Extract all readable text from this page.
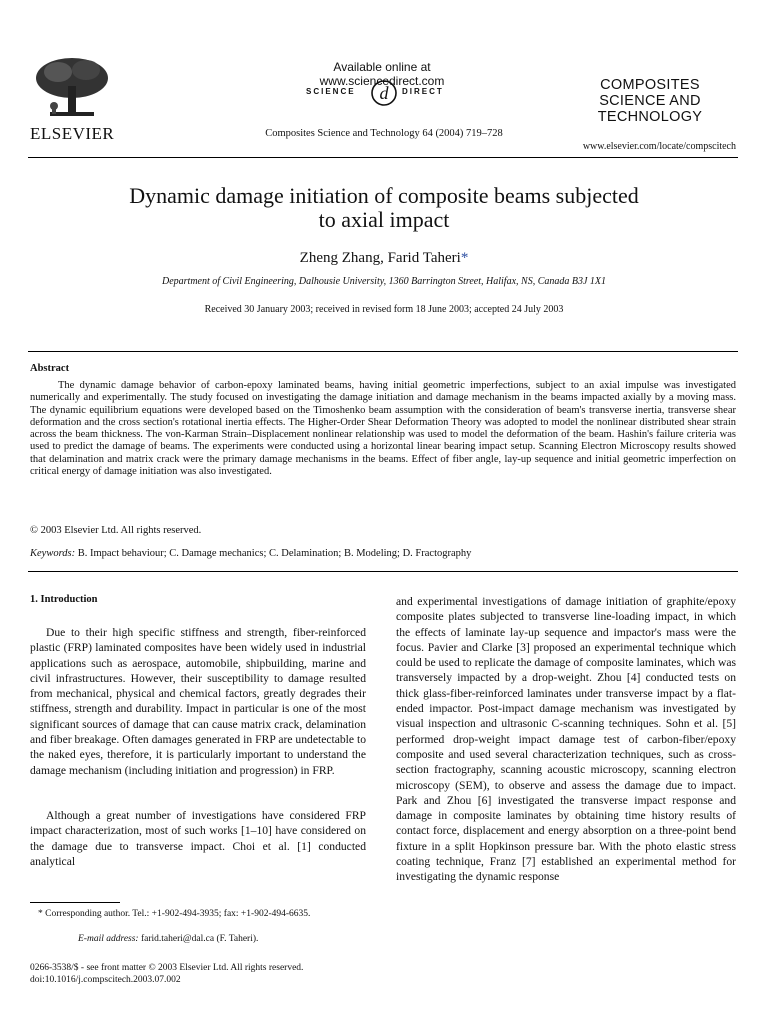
ELSEVIER
Available online at www.sciencedirect.com
SCIENCE d DIRECT
Composites Science and Technology 64 (2004) 719–728
COMPOSITES
SCIENCE AND
TECHNOLOGY
www.elsevier.com/locate/compscitech
Dynamic damage initiation of composite beams subjected
to axial impact
Zheng Zhang, Farid Taheri*
Department of Civil Engineering, Dalhousie University, 1360 Barrington Street, Halifax, NS, Canada B3J 1X1
Received 30 January 2003; received in revised form 18 June 2003; accepted 24 July 2003
Abstract

The dynamic damage behavior of carbon-epoxy laminated beams, having initial geometric imperfections, subject to an axial impulse was investigated numerically and experimentally. The study focused on investigating the damage initiation and damage mechanism in the beams impacted axially by a moving mass. The dynamic equilibrium equations were developed based on the Timoshenko beam assumption with the consideration of beam's transverse inertia, transverse shear deformation and the cross section's rotational inertia effects. The Higher-Order Shear Deformation Theory was adopted to model the nonlinear distributed shear strain across the beam thickness. The von-Karman Strain–Displacement nonlinear relationship was used to model the deformation of the beam. Hashin's failure criteria was used to predict the damage of beams. The experiments were conducted using a horizontal linear bearing impact setup. Scanning Electron Microscopy results showed that delamination and matrix crack were the primary damage mechanisms in the beams. Effect of fiber angle, lay-up sequence and initial geometric imperfection on critical energy of damage initiation was also investigated.

© 2003 Elsevier Ltd. All rights reserved.
Keywords: B. Impact behaviour; C. Damage mechanics; C. Delamination; B. Modeling; D. Fractography
1. Introduction

Due to their high specific stiffness and strength, fiber-reinforced plastic (FRP) laminated composites have been widely used in industrial applications such as aerospace, automobile, shipbuilding, marine and civil infrastructures. However, their susceptibility to damage resulted from mechanical, physical and chemical factors, greatly degrades their stiffness, strength and durability. Impact in particular is one of the most significant sources of damage that can cause matrix crack, delamination and fiber breakage. Often damages generated in FRP are undetectable to the naked eyes, therefore, it is particularly important to understand the damage mechanism (including initiation and progression) in FRP.

Although a great number of investigations have considered FRP impact characterization, most of such works [1–10] have considered on the damage due to transverse impact. Choi et al. [1] conducted analytical

and experimental investigations of damage initiation of graphite/epoxy composite plates subjected to transverse line-loading impact, in which the effects of laminate lay-up sequence and impactor's mass were the focus. Pavier and Clarke [3] proposed an experimental technique which could be used to replicate the damage of composite laminates, which was transversely impacted by a drop-weight. Zhou [4] conducted tests on thick glass-fiber-reinforced laminates under transverse impact by a flat-ended impactor. Post-impact damage mechanism was investigated by visual inspection and ultrasonic C-scanning techniques. Sohn et al. [5] performed drop-weight impact damage test of carbon-fiber/epoxy composite and used several characterization techniques, such as cross-section fractography, scanning acoustic microscopy, scanning electron microscopy (SEM), to observe and assess the damage due to impact. Park and Zhou [6] investigated the transverse impact response and damage in composite laminates by obtaining time history results of contact force, displacement and energy absorption on a three-point bend fixture in a split Hopkinson pressure bar. With the photo elastic stress coating technique, Franz [7] established an experimental method for investigating the dynamic response

* Corresponding author. Tel.: +1-902-494-3935; fax: +1-902-494-6635.
E-mail address: farid.taheri@dal.ca (F. Taheri).
0266-3538/$ - see front matter © 2003 Elsevier Ltd. All rights reserved.
doi:10.1016/j.compscitech.2003.07.002
